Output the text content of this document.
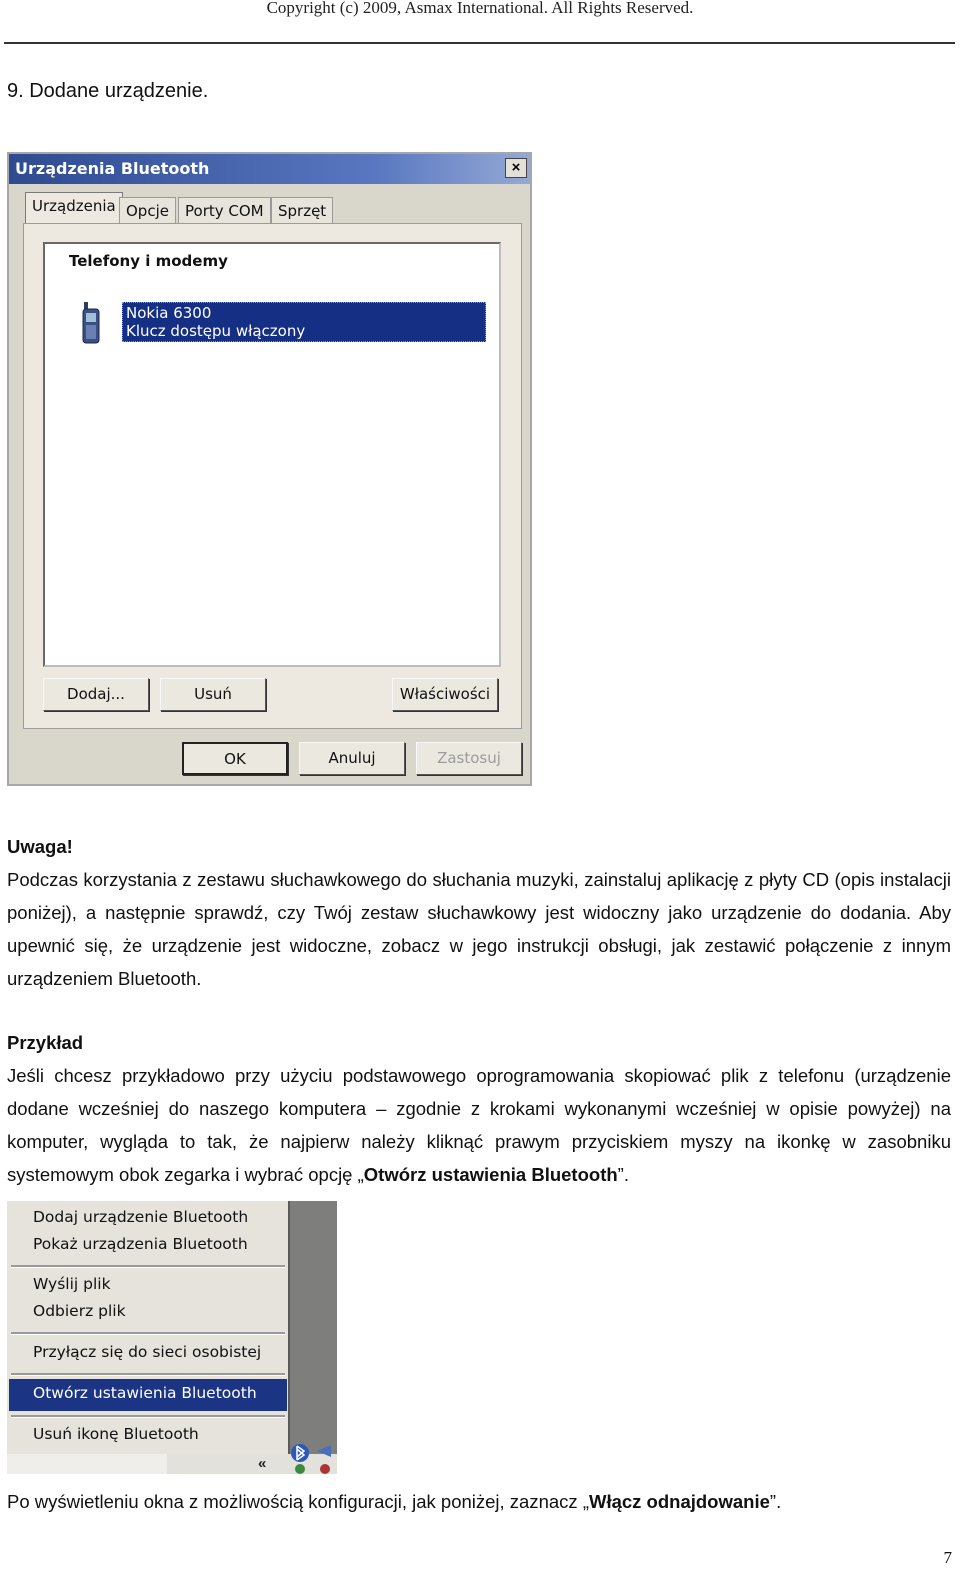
Copyright (c) 2009, Asmax International. All Rights Reserved.
9. Dodane urządzenie.
Urządzenia Bluetooth	×
Urządzenia Opcje	Porty COM Sprzęt
Telefony i modemy
Nokia 6300
Klucz dostępu włączony
Dodaj...	Usuń	Właściwości
OK	Anuluj	Zastosuj
Uwaga!
Podczas korzystania z zestawu słuchawkowego do słuchania muzyki, zainstaluj aplikację z płyty CD (opis instalacji poniżej), a następnie sprawdź, czy Twój zestaw słuchawkowy jest widoczny jako urządzenie do dodania. Aby upewnić się, że urządzenie jest widoczne, zobacz w jego instrukcji obsługi, jak zestawić połączenie z innym urządzeniem Bluetooth.
Przykład
Jeśli chcesz przykładowo przy użyciu podstawowego oprogramowania skopiować plik z telefonu (urządzenie dodane wcześniej do naszego komputera – zgodnie z krokami wykonanymi wcześniej w opisie powyżej) na komputer, wygląda to tak, że najpierw należy kliknąć prawym przyciskiem myszy na ikonkę w zasobniku systemowym obok zegarka i wybrać opcję „Otwórz ustawienia Bluetooth”.
Dodaj urządzenie Bluetooth
Pokaż urządzenia Bluetooth
Wyślij plik
Odbierz plik
Przyłącz się do sieci osobistej
Otwórz ustawienia Bluetooth
Usuń ikonę Bluetooth
«
Po wyświetleniu okna z możliwością konfiguracji, jak poniżej, zaznacz „Włącz odnajdowanie”.
7
